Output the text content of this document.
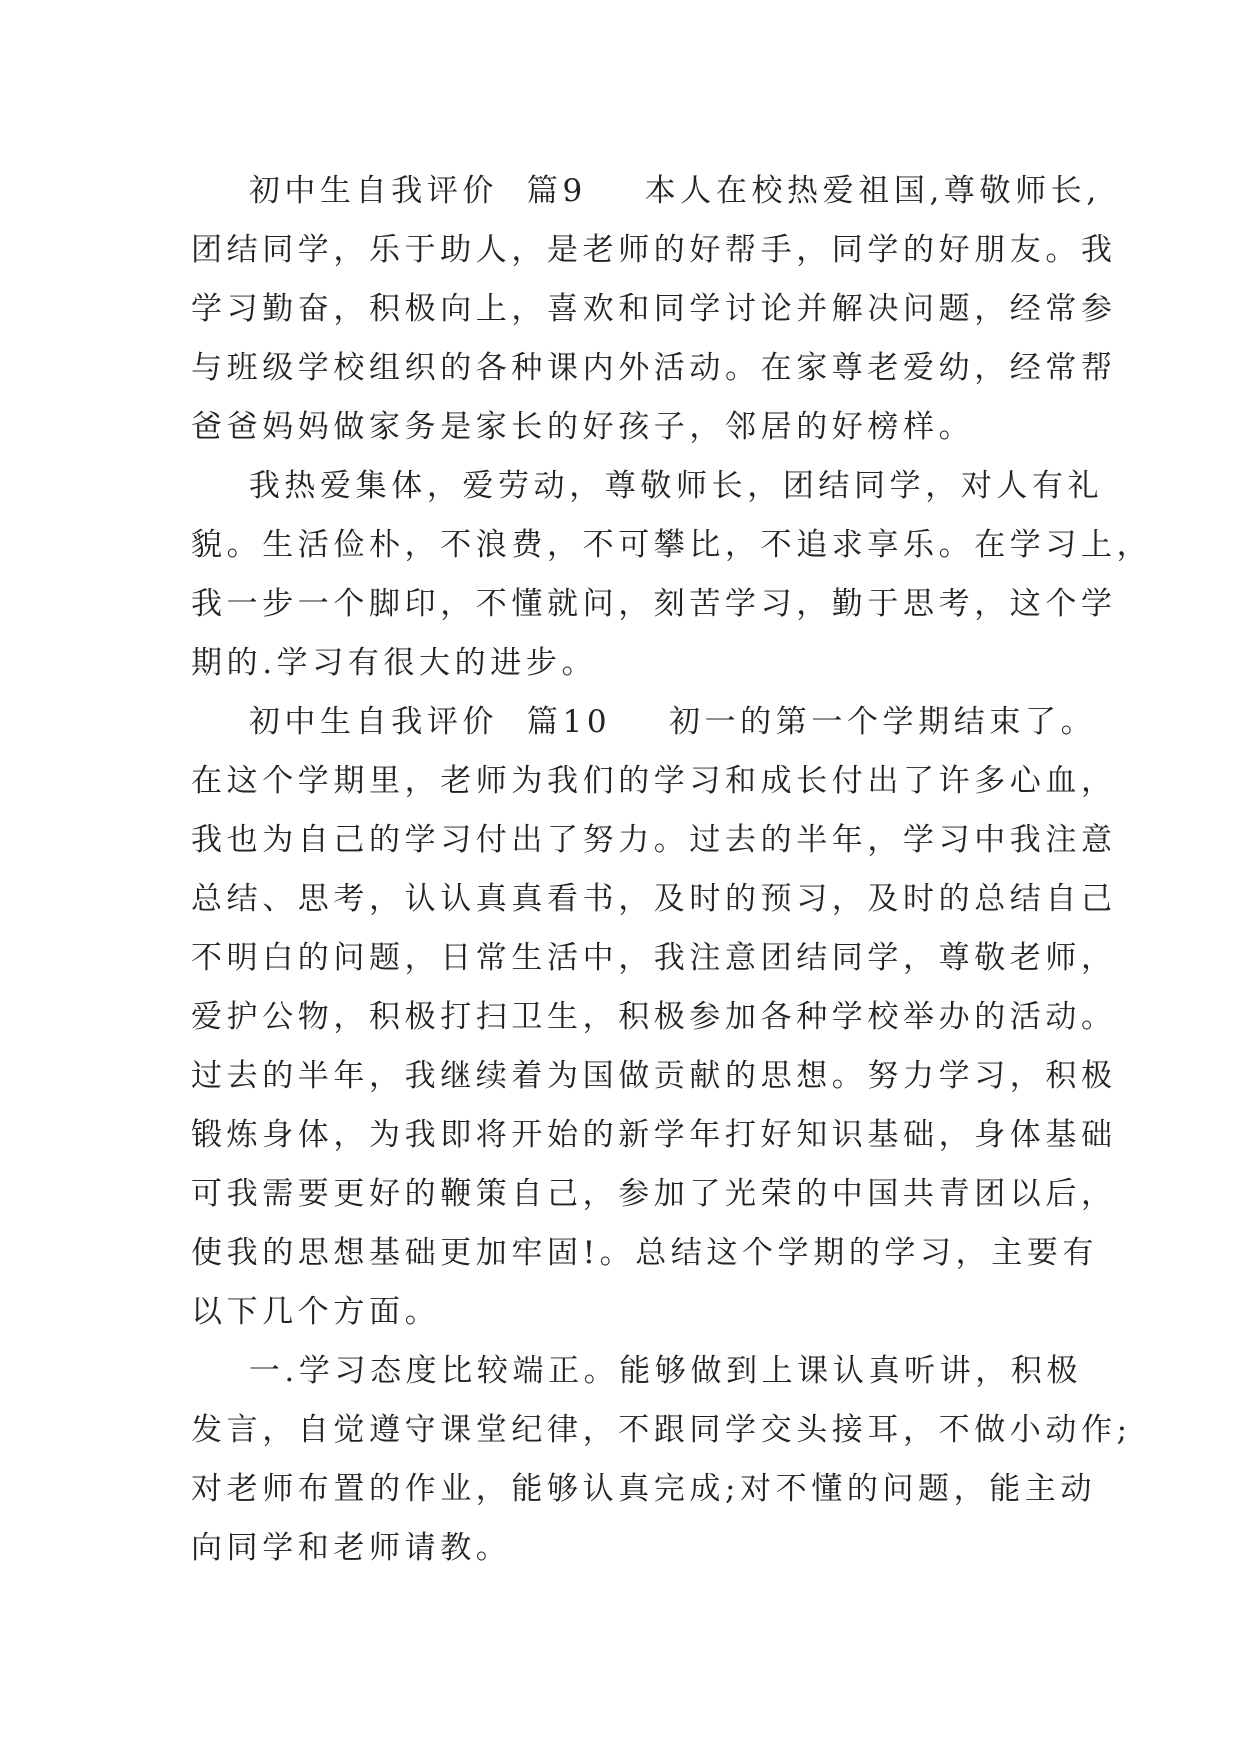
初中生自我评价  篇9    本人在校热爱祖国,尊敬师长,
团结同学，乐于助人，是老师的好帮手，同学的好朋友。我
学习勤奋，积极向上，喜欢和同学讨论并解决问题，经常参
与班级学校组织的各种课内外活动。在家尊老爱幼，经常帮
爸爸妈妈做家务是家长的好孩子，邻居的好榜样。
我热爱集体，爱劳动，尊敬师长，团结同学，对人有礼
貌。生活俭朴，不浪费，不可攀比，不追求享乐。在学习上，
我一步一个脚印，不懂就问，刻苦学习，勤于思考，这个学
期的.学习有很大的进步。
初中生自我评价  篇10    初一的第一个学期结束了。
在这个学期里，老师为我们的学习和成长付出了许多心血，
我也为自己的学习付出了努力。过去的半年，学习中我注意
总结、思考，认认真真看书，及时的预习，及时的总结自己
不明白的问题，日常生活中，我注意团结同学，尊敬老师，
爱护公物，积极打扫卫生，积极参加各种学校举办的活动。
过去的半年，我继续着为国做贡献的思想。努力学习，积极
锻炼身体，为我即将开始的新学年打好知识基础，身体基础
可我需要更好的鞭策自己，参加了光荣的中国共青团以后，
使我的思想基础更加牢固!。总结这个学期的学习，主要有
以下几个方面。
一.学习态度比较端正。能够做到上课认真听讲，积极
发言，自觉遵守课堂纪律，不跟同学交头接耳，不做小动作;
对老师布置的作业，能够认真完成;对不懂的问题，能主动
向同学和老师请教。
